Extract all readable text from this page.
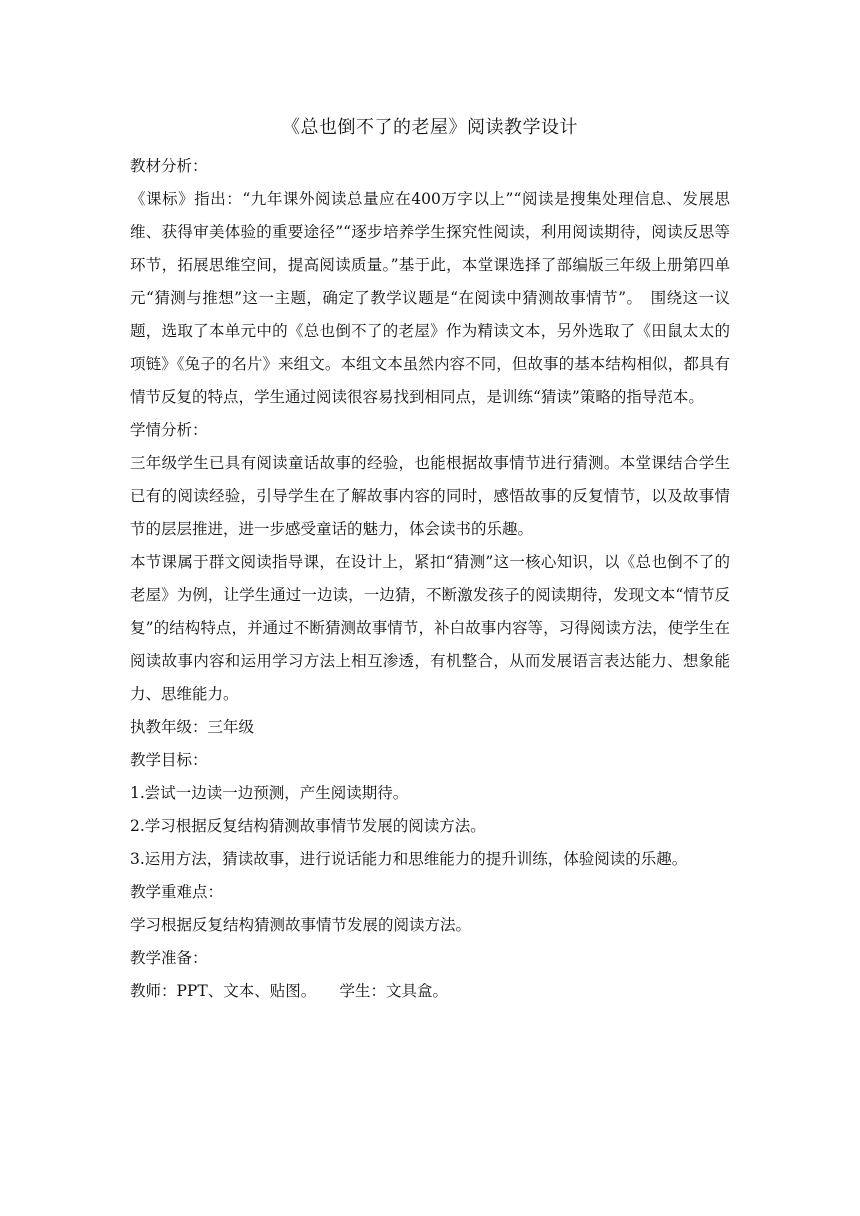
《总也倒不了的老屋》阅读教学设计

教材分析：

《课标》指出：“九年课外阅读总量应在400万字以上”“阅读是搜集处理信息、发展思维、获得审美体验的重要途径”“逐步培养学生探究性阅读，利用阅读期待，阅读反思等环节，拓展思维空间，提高阅读质量。”基于此，本堂课选择了部编版三年级上册第四单元“猜测与推想”这一主题，确定了教学议题是“在阅读中猜测故事情节”。　围绕这一议题，选取了本单元中的《总也倒不了的老屋》作为精读文本，另外选取了《田鼠太太的项链》《兔子的名片》来组文。本组文本虽然内容不同，但故事的基本结构相似，都具有情节反复的特点，学生通过阅读很容易找到相同点，是训练“猜读”策略的指导范本。

学情分析：

三年级学生已具有阅读童话故事的经验，也能根据故事情节进行猜测。本堂课结合学生已有的阅读经验，引导学生在了解故事内容的同时，感悟故事的反复情节，以及故事情节的层层推进，进一步感受童话的魅力，体会读书的乐趣。

本节课属于群文阅读指导课，在设计上，紧扣“猜测”这一核心知识，以《总也倒不了的老屋》为例，让学生通过一边读，一边猜，不断激发孩子的阅读期待，发现文本“情节反复”的结构特点，并通过不断猜测故事情节，补白故事内容等，习得阅读方法，使学生在阅读故事内容和运用学习方法上相互渗透，有机整合，从而发展语言表达能力、想象能力、思维能力。

执教年级：三年级

教学目标：

1.尝试一边读一边预测，产生阅读期待。

2.学习根据反复结构猜测故事情节发展的阅读方法。

3.运用方法，猜读故事，进行说话能力和思维能力的提升训练，体验阅读的乐趣。

教学重难点：

学习根据反复结构猜测故事情节发展的阅读方法。

教学准备：

教师：PPT、文本、贴图。　　学生：文具盒。
